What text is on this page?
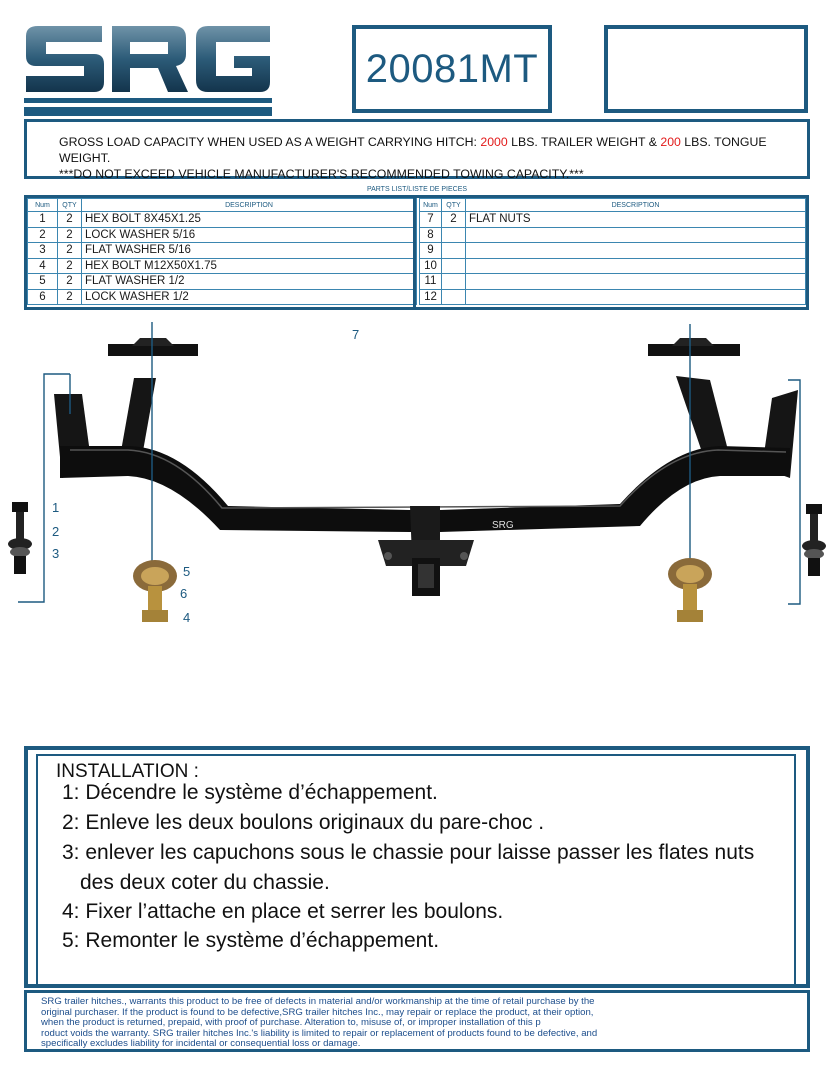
20081MT
GROSS LOAD CAPACITY WHEN USED AS A WEIGHT CARRYING HITCH: 2000 LBS. TRAILER WEIGHT & 200 LBS. TONGUE WEIGHT.
***DO NOT EXCEED VEHICLE MANUFACTURER'S RECOMMENDED TOWING CAPACITY.***
PARTS LIST/LISTE DE PIECES
Num	QTY	DESCRIPTION
1	2	HEX BOLT 8X45X1.25
2	2	LOCK WASHER 5/16
3	2	FLAT WASHER 5/16
4	2	HEX BOLT M12X50X1.75
5	2	FLAT WASHER 1/2
6	2	LOCK WASHER 1/2
Num	QTY	DESCRIPTION
7	2	FLAT NUTS
8		
9		
10		
11		
12		
SRG
7
1
2
3
5
6
4
INSTALLATION :
1: Décendre le système d’échappement.
2: Enleve les deux boulons originaux du pare-choc .
3: enlever les capuchons sous le chassie pour laisse passer les flates nuts
des deux coter du chassie.
4: Fixer l’attache en place et serrer les boulons.
5: Remonter le système d’échappement.
SRG trailer hitches., warrants this product to be free of defects in material and/or workmanship at the time of retail purchase by the
original purchaser. If the product is found to be defective,SRG trailer hitches Inc., may repair or replace the product, at their option,
when the product is returned, prepaid, with proof of purchase. Alteration to, misuse of, or improper installation of this p
roduct voids the warranty. SRG trailer hitches Inc.'s liability is limited to repair or replacement of products found to be defective, and
specifically excludes liability for incidental or consequential loss or damage.
